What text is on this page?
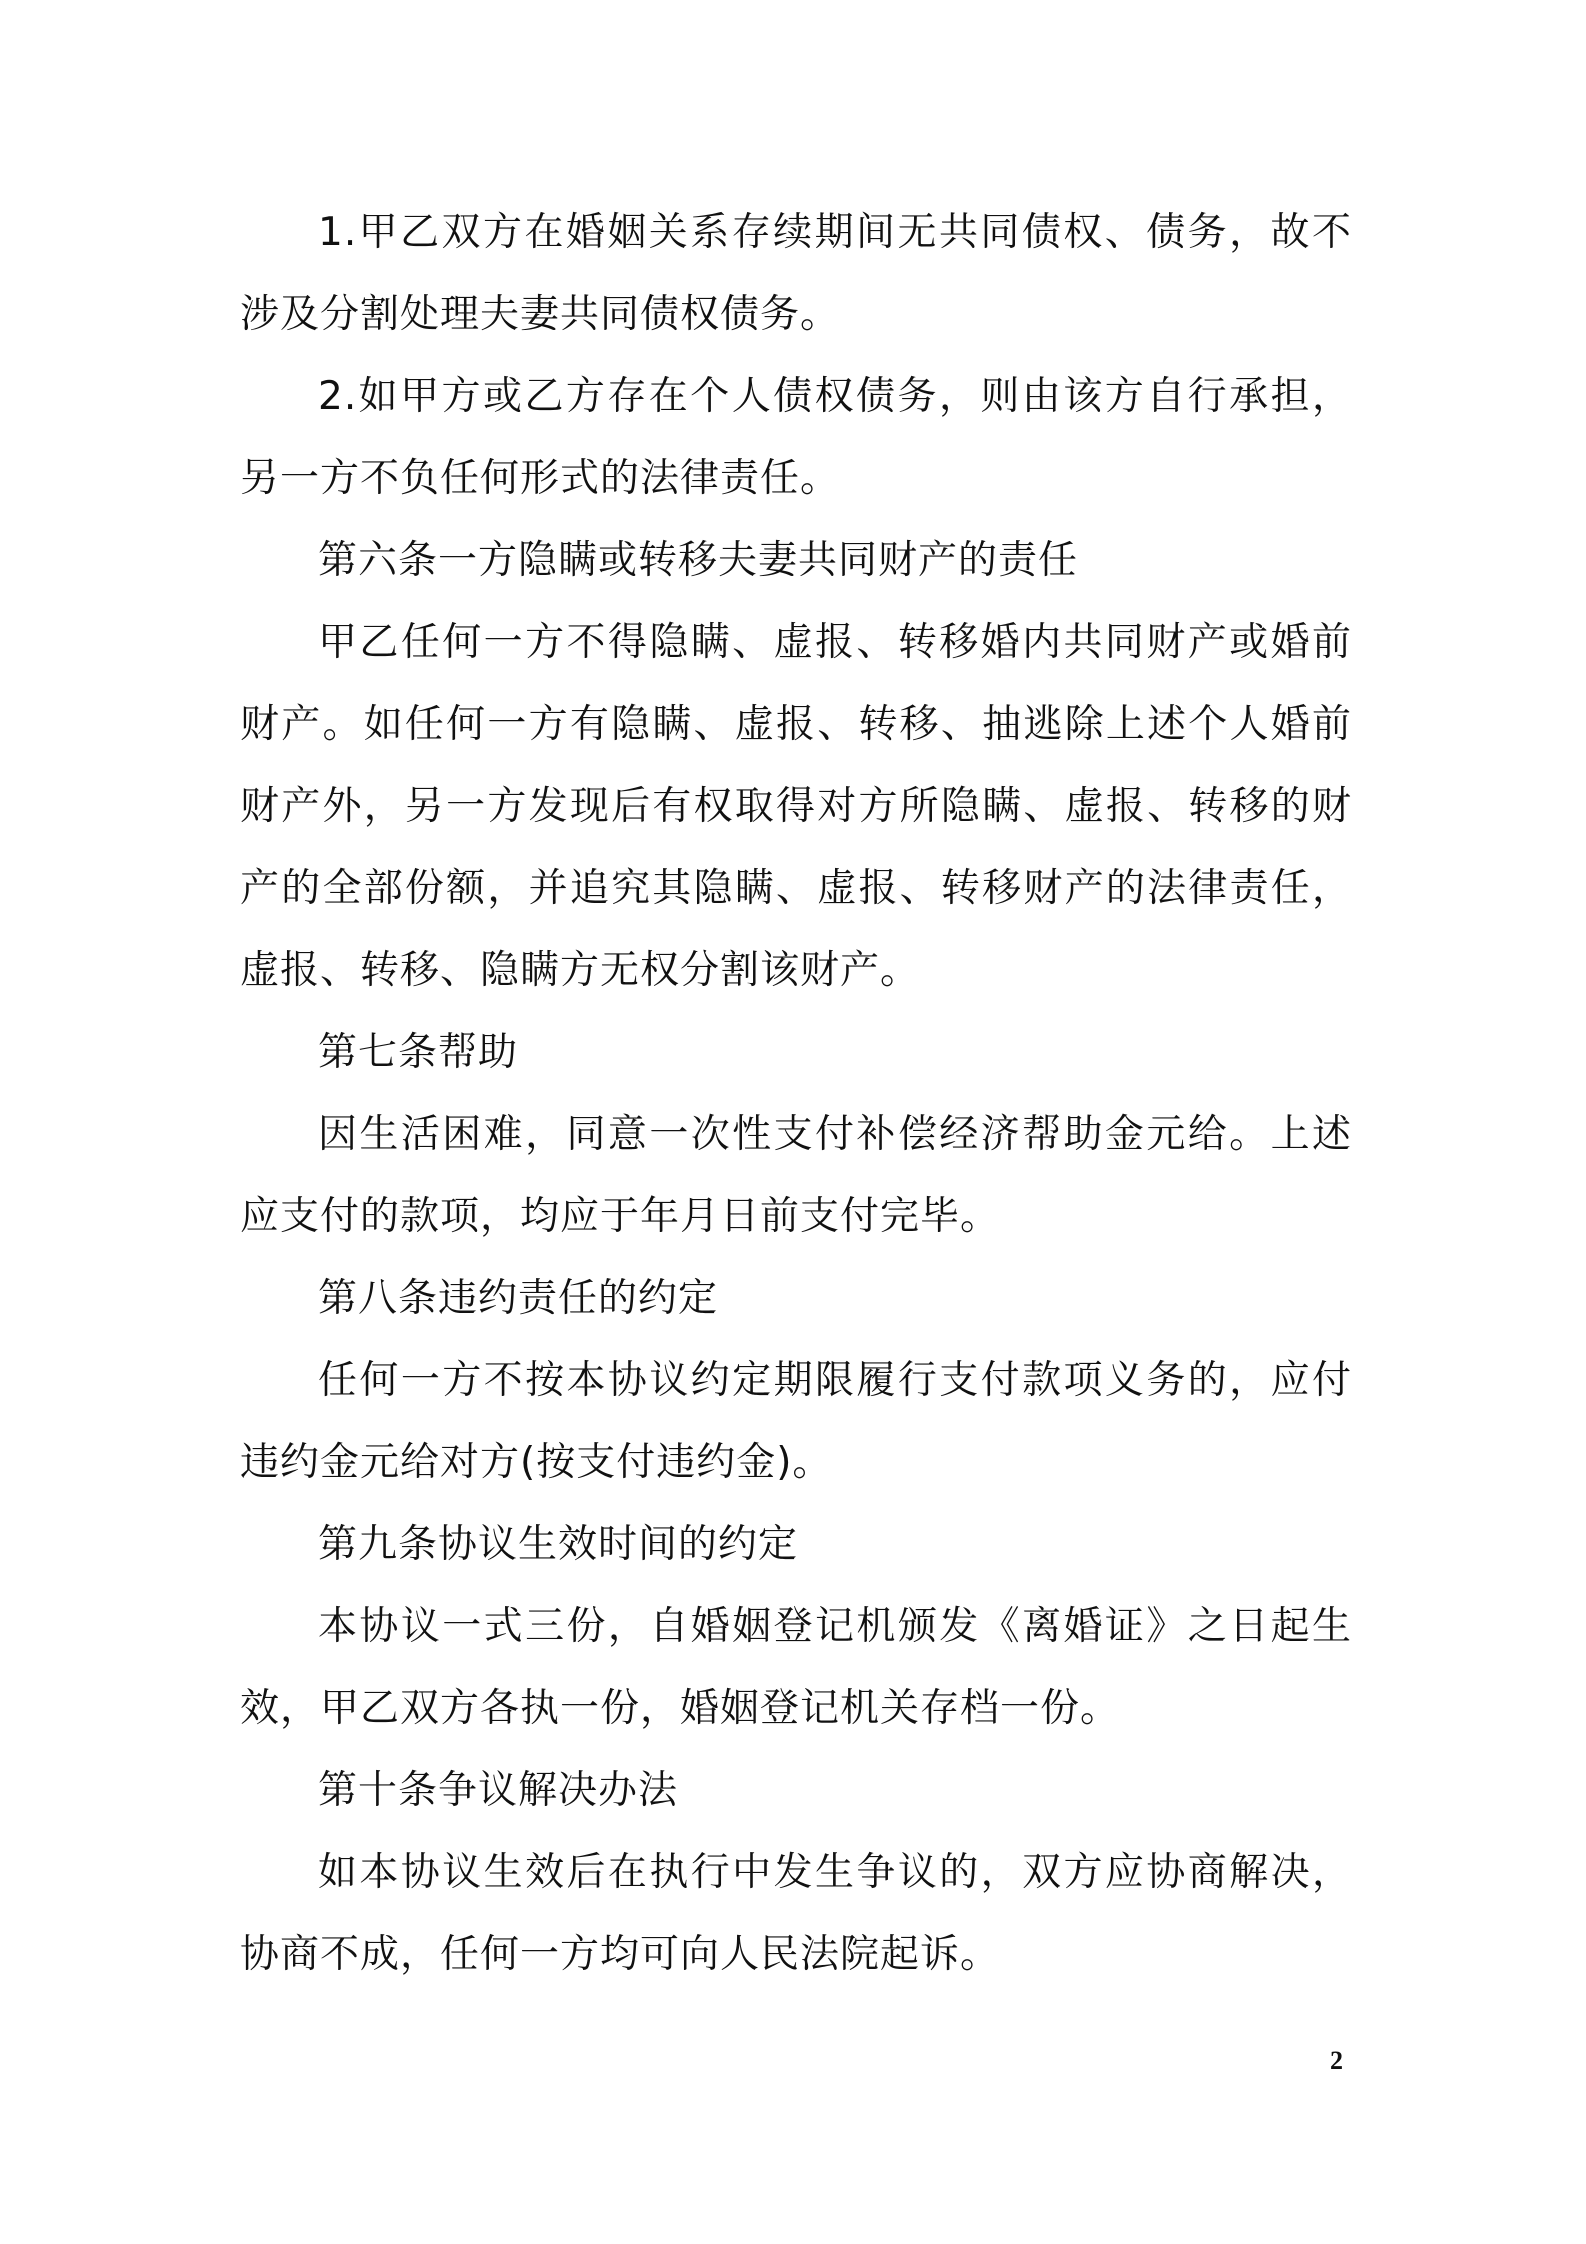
1.甲乙双方在婚姻关系存续期间无共同债权、债务，故不涉及分割处理夫妻共同债权债务。

2.如甲方或乙方存在个人债权债务，则由该方自行承担，另一方不负任何形式的法律责任。

第六条一方隐瞒或转移夫妻共同财产的责任

甲乙任何一方不得隐瞒、虚报、转移婚内共同财产或婚前财产。如任何一方有隐瞒、虚报、转移、抽逃除上述个人婚前财产外，另一方发现后有权取得对方所隐瞒、虚报、转移的财产的全部份额，并追究其隐瞒、虚报、转移财产的法律责任，虚报、转移、隐瞒方无权分割该财产。

第七条帮助

因生活困难，同意一次性支付补偿经济帮助金元给。上述应支付的款项，均应于年月日前支付完毕。

第八条违约责任的约定

任何一方不按本协议约定期限履行支付款项义务的，应付违约金元给对方(按支付违约金)。

第九条协议生效时间的约定

本协议一式三份，自婚姻登记机颁发《离婚证》之日起生效，甲乙双方各执一份，婚姻登记机关存档一份。

第十条争议解决办法

如本协议生效后在执行中发生争议的，双方应协商解决，协商不成，任何一方均可向人民法院起诉。

2
